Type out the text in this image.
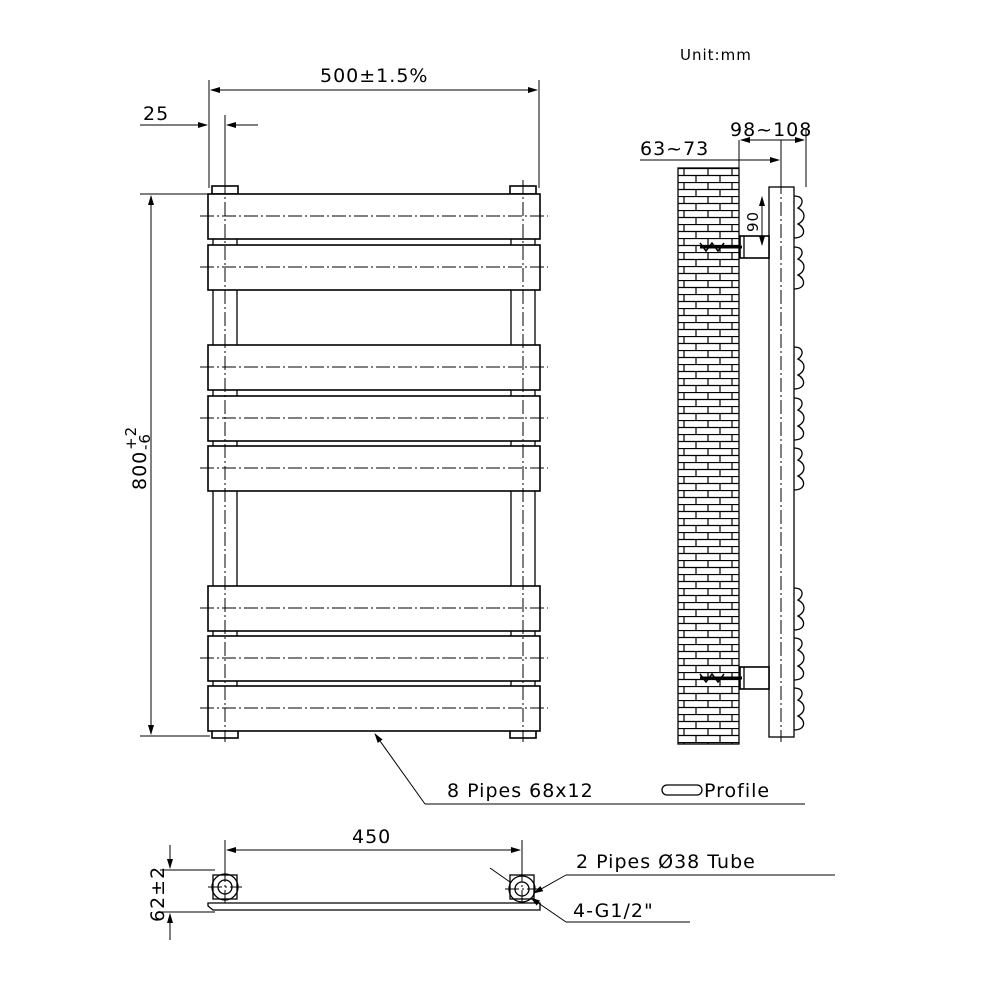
Unit:mm
500±1.5%
25
800
+2
-6
8 Pipes 68x12	Profile
63~73
98~108
90
450
62±2
2 Pipes Ø38 Tube
4-G1/2"
